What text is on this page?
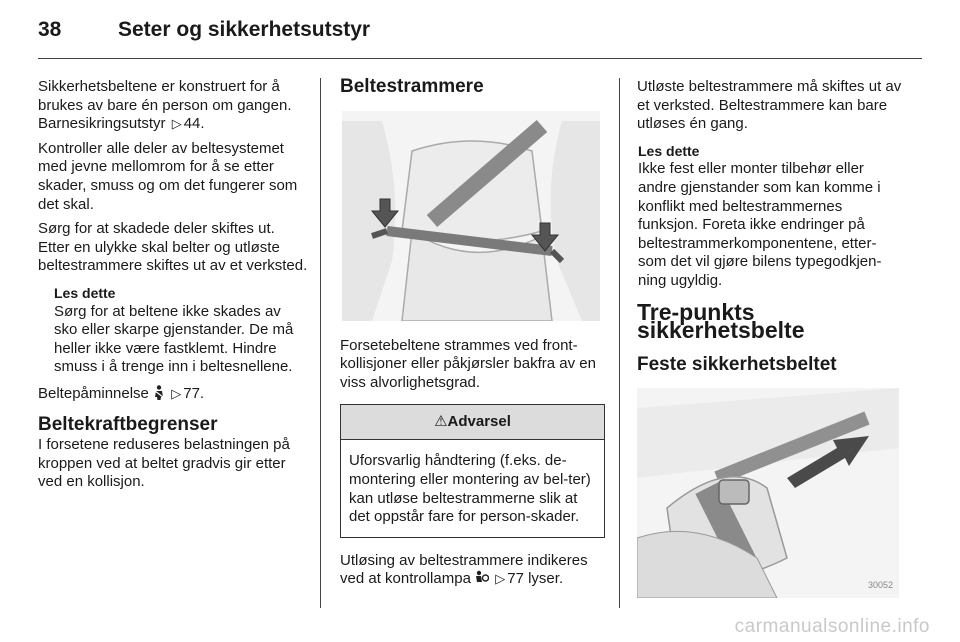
38	Seter og sikkerhetsutstyr

Sikkerhetsbeltene er konstruert for å brukes av bare én person om gangen. Barnesikringsutstyr ▷ 44.

Kontroller alle deler av beltesystemet med jevne mellomrom for å se etter skader, smuss og om det fungerer som det skal.

Sørg for at skadede deler skiftes ut. Etter en ulykke skal belter og utløste beltestrammere skiftes ut av et verksted.

Les dette
Sørg for at beltene ikke skades av sko eller skarpe gjenstander. De må heller ikke være fastklemt. Hindre smuss i å trenge inn i beltesnellene.

Beltepåminnelse ▷ 77.

Beltekraftbegrenser

I forsetene reduseres belastningen på kroppen ved at beltet gradvis gir etter ved en kollisjon.

Beltestrammere

Forsetebeltene strammes ved front-kollisjoner eller påkjørsler bakfra av en viss alvorlighetsgrad.

⚠Advarsel
Uforsvarlig håndtering (f.eks. de-montering eller montering av bel-ter) kan utløse beltestrammerne slik at det oppstår fare for person-skader.

Utløsing av beltestrammere indikeres ved at kontrollampa ▷ 77 lyser.

Utløste beltestrammere må skiftes ut av et verksted. Beltestrammere kan bare utløses én gang.

Les dette
Ikke fest eller monter tilbehør eller andre gjenstander som kan komme i konflikt med beltestrammernes funksjon. Foreta ikke endringer på beltestrammerkomponentene, etter-som det vil gjøre bilens typegodkjen-ning ugyldig.
Tre-punkts sikkerhetsbelte
Feste sikkerhetsbeltet
30052
carmanualsonline.info
